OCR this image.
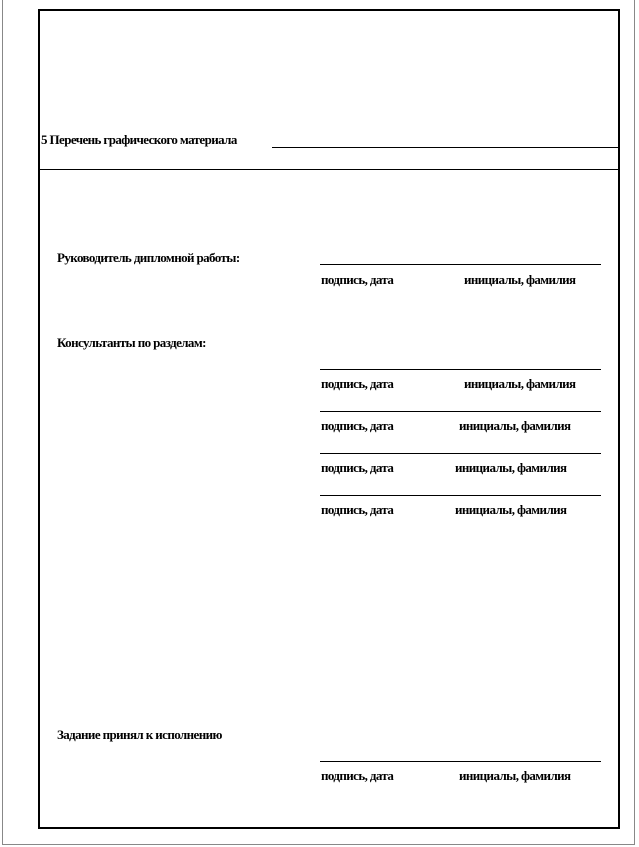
5 Перечень графического материала
Руководитель дипломной работы:
подпись, дата	инициалы, фамилия
Консультанты по разделам:
подпись, дата	инициалы, фамилия
подпись, дата	инициалы, фамилия
подпись, дата	инициалы, фамилия
подпись, дата	инициалы, фамилия
Задание принял к исполнению
подпись, дата	инициалы, фамилия
